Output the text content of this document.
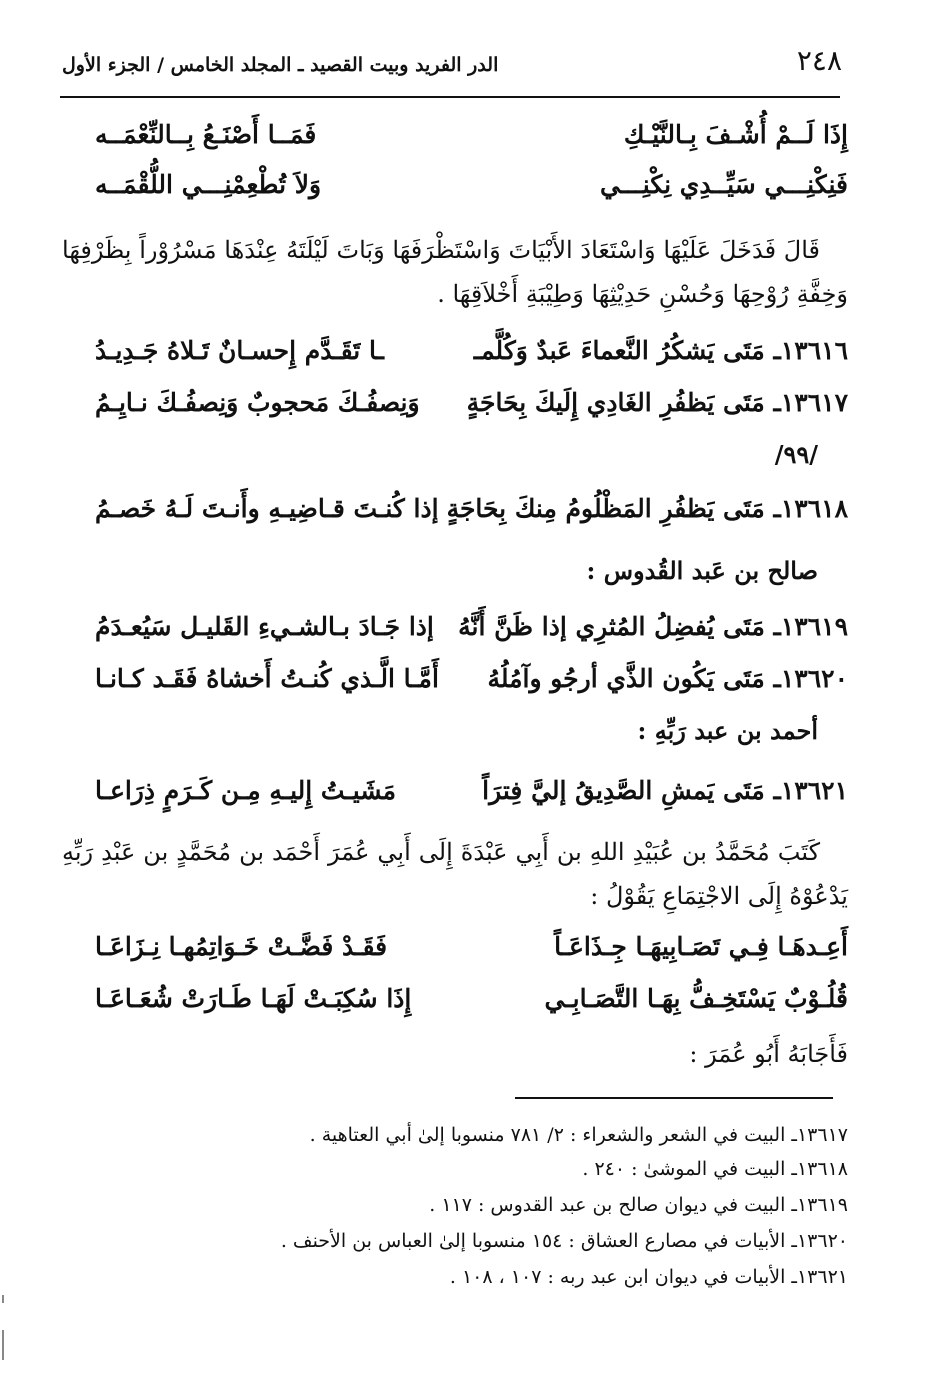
٢٤٨
الدر الفريد وبيت القصيد ـ المجلد الخامس / الجزء الأول
إِذَا لَــمْ أُشْـفَ بِـالنَّيْـكِ
فَمَــا أَصْنَـعُ بِــالنِّعْمَــه
فَنِكْنِـــي سَيِّــدِي نِكْنِـــي
وَلاَ تُطْعِمْنِـــي اللُّقْمَــه
قَالَ فَدَخَلَ عَلَيْهَا وَاسْتَعَادَ الأَبْيَاتَ وَاسْتَظْرَفَهَا وَبَاتَ لَيْلَتَهُ عِنْدَهَا مَسْرُوْراً بِظَرْفِهَا وَخِفَّةِ رُوْحِهَا وَحُسْنِ حَدِيْثِهَا وَطِيْبَةِ أَخْلاَقِهَا .
١٣٦١٦ـ مَتَى يَشكُرُ النَّعماءَ عَبدٌ وَكُلَّمـ
ـا تَقَـدَّم إِحسـانٌ تَـلاهُ جَـدِيـدُ
١٣٦١٧ـ مَتَى يَظفُرِ الغَادِي إِلَيكَ بِحَاجَةٍ
وَنِصفُـكَ مَحجوبٌ وَنِصفُـكَ نـايِـمُ
/٩٩/
١٣٦١٨ـ مَتَى يَظفُرِ المَظْلُومُ مِنكَ بِحَاجَةٍ
إذا كُنـتَ قـاضِيـهِ وأَنـتَ لَـهُ خَصـمُ
صالح بن عَبد القُدوس :
١٣٦١٩ـ مَتَى يُفضِلُ المُثرِي إذا ظَنَّ أَنَّهُ
إذا جَـادَ بـالشـيءِ القَليـل سَيُعـدَمُ
١٣٦٢٠ـ مَتَى يَكُون الذَّي أرجُو وآمُلُهُ
أَمَّـا الَّـذي كُنـتُ أَخشاهُ فَقَـد كـانـا
أحمد بن عبد رَبِّهِ :
١٣٦٢١ـ مَتَى يَمشِ الصَّدِيقُ إليَّ فِترَاً
مَشَيـتُ إِليـهِ مِـن كَـرَمٍ ذِرَاعـا
كَتَبَ مُحَمَّدُ بن عُبَيْدِ اللهِ بن أَبِي عَبْدَةَ إِلَى أَبِي عُمَرَ أَحْمَد بن مُحَمَّدٍ بن عَبْدِ رَبِّهِ يَدْعُوْهُ إِلَى الاجْتِمَاعِ يَقُوْلُ :
أَعِـدهَـا فِـي تَصَـابِيهَـا جِـذَاعَـاً
فَقَـدْ فَضَّـتْ خَـوَاتِمُهـا نِـزَاعَـا
قُلُـوْبٌ يَسْتَخِـفُّ بِهَـا التَّصَـابِـي
إِذَا سُكِبَـتْ لَهَـا طَـارَتْ شُعَـاعَـا
فَأَجَابَهُ أَبُو عُمَرَ :
١٣٦١٧ـ البيت في الشعر والشعراء : ٢/ ٧٨١ منسوبا إلىٰ أبي العتاهية .
١٣٦١٨ـ البيت في الموشىٰ : ٢٤٠ .
١٣٦١٩ـ البيت في ديوان صالح بن عبد القدوس : ١١٧ .
١٣٦٢٠ـ الأبيات في مصارع العشاق : ١٥٤ منسوبا إلىٰ العباس بن الأحنف .
١٣٦٢١ـ الأبيات في ديوان ابن عبد ربه : ١٠٧ ، ١٠٨ .
